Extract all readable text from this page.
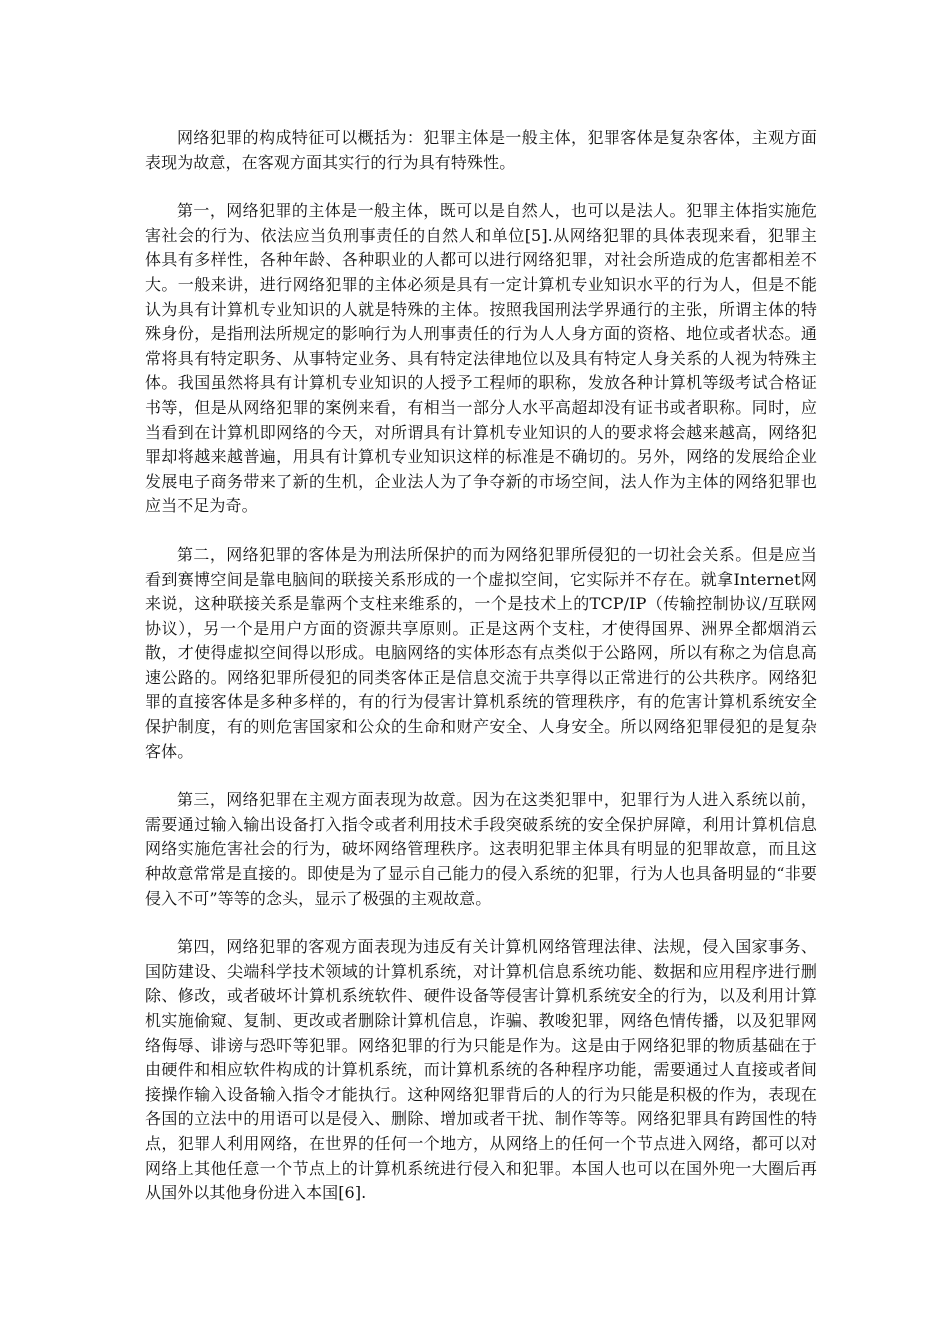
网络犯罪的构成特征可以概括为：犯罪主体是一般主体，犯罪客体是复杂客体，主观方面表现为故意，在客观方面其实行的行为具有特殊性。

第一，网络犯罪的主体是一般主体，既可以是自然人，也可以是法人。犯罪主体指实施危害社会的行为、依法应当负刑事责任的自然人和单位[5].从网络犯罪的具体表现来看，犯罪主体具有多样性，各种年龄、各种职业的人都可以进行网络犯罪，对社会所造成的危害都相差不大。一般来讲，进行网络犯罪的主体必须是具有一定计算机专业知识水平的行为人，但是不能认为具有计算机专业知识的人就是特殊的主体。按照我国刑法学界通行的主张，所谓主体的特殊身份，是指刑法所规定的影响行为人刑事责任的行为人人身方面的资格、地位或者状态。通常将具有特定职务、从事特定业务、具有特定法律地位以及具有特定人身关系的人视为特殊主体。我国虽然将具有计算机专业知识的人授予工程师的职称，发放各种计算机等级考试合格证书等，但是从网络犯罪的案例来看，有相当一部分人水平高超却没有证书或者职称。同时，应当看到在计算机即网络的今天，对所谓具有计算机专业知识的人的要求将会越来越高，网络犯罪却将越来越普遍，用具有计算机专业知识这样的标准是不确切的。另外，网络的发展给企业发展电子商务带来了新的生机，企业法人为了争夺新的市场空间，法人作为主体的网络犯罪也应当不足为奇。

第二，网络犯罪的客体是为刑法所保护的而为网络犯罪所侵犯的一切社会关系。但是应当看到赛博空间是靠电脑间的联接关系形成的一个虚拟空间，它实际并不存在。就拿Internet网来说，这种联接关系是靠两个支柱来维系的，一个是技术上的TCP/IP（传输控制协议/互联网协议），另一个是用户方面的资源共享原则。正是这两个支柱，才使得国界、洲界全都烟消云散，才使得虚拟空间得以形成。电脑网络的实体形态有点类似于公路网，所以有称之为信息高速公路的。网络犯罪所侵犯的同类客体正是信息交流于共享得以正常进行的公共秩序。网络犯罪的直接客体是多种多样的，有的行为侵害计算机系统的管理秩序，有的危害计算机系统安全保护制度，有的则危害国家和公众的生命和财产安全、人身安全。所以网络犯罪侵犯的是复杂客体。

第三，网络犯罪在主观方面表现为故意。因为在这类犯罪中，犯罪行为人进入系统以前，需要通过输入输出设备打入指令或者利用技术手段突破系统的安全保护屏障，利用计算机信息网络实施危害社会的行为，破坏网络管理秩序。这表明犯罪主体具有明显的犯罪故意，而且这种故意常常是直接的。即使是为了显示自己能力的侵入系统的犯罪，行为人也具备明显的“非要侵入不可”等等的念头，显示了极强的主观故意。

第四，网络犯罪的客观方面表现为违反有关计算机网络管理法律、法规，侵入国家事务、国防建设、尖端科学技术领域的计算机系统，对计算机信息系统功能、数据和应用程序进行删除、修改，或者破坏计算机系统软件、硬件设备等侵害计算机系统安全的行为，以及利用计算机实施偷窥、复制、更改或者删除计算机信息，诈骗、教唆犯罪，网络色情传播，以及犯罪网络侮辱、诽谤与恐吓等犯罪。网络犯罪的行为只能是作为。这是由于网络犯罪的物质基础在于由硬件和相应软件构成的计算机系统，而计算机系统的各种程序功能，需要通过人直接或者间接操作输入设备输入指令才能执行。这种网络犯罪背后的人的行为只能是积极的作为，表现在各国的立法中的用语可以是侵入、删除、增加或者干扰、制作等等。网络犯罪具有跨国性的特点，犯罪人利用网络，在世界的任何一个地方，从网络上的任何一个节点进入网络，都可以对网络上其他任意一个节点上的计算机系统进行侵入和犯罪。本国人也可以在国外兜一大圈后再从国外以其他身份进入本国[6].
